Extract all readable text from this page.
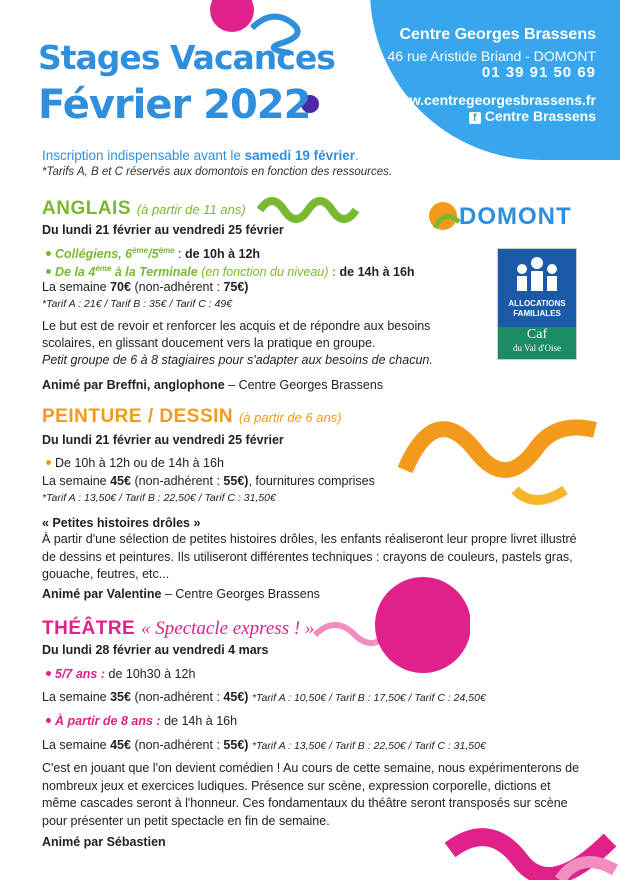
Stages Vacances
Février 2022
Centre Georges Brassens
46 rue Aristide Briand - DOMONT
01 39 91 50 69
www.centregeorgesbrassens.fr
f Centre Brassens
Inscription indispensable avant le samedi 19 février.
*Tarifs A, B et C réservés aux domontois en fonction des ressources.
DOMONT
ALLOCATIONS
FAMILIALES
Caf
du Val d'Oise
ANGLAIS (à partir de 11 ans)
Du lundi 21 février au vendredi 25 février
Collégiens, 6ème/5ème : de 10h à 12h
De la 4ème à la Terminale (en fonction du niveau) : de 14h à 16h
La semaine 70€ (non-adhérent : 75€)
*Tarif A : 21€ / Tarif B : 35€ / Tarif C : 49€
Le but est de revoir et renforcer les acquis et de répondre aux besoins scolaires, en glissant doucement vers la pratique en groupe.
Petit groupe de 6 à 8 stagiaires pour s'adapter aux besoins de chacun.
Animé par Breffni, anglophone – Centre Georges Brassens
PEINTURE / DESSIN (à partir de 6 ans)
Du lundi 21 février au vendredi 25 février
De 10h à 12h ou de 14h à 16h
La semaine 45€ (non-adhérent : 55€), fournitures comprises
*Tarif A : 13,50€ / Tarif B : 22,50€ / Tarif C : 31,50€
« Petites histoires drôles »
À partir d'une sélection de petites histoires drôles, les enfants réaliseront leur propre livret illustré de dessins et peintures. Ils utiliseront différentes techniques : crayons de couleurs, pastels gras, gouache, feutres, etc...
Animé par Valentine – Centre Georges Brassens
THÉÂTRE « Spectacle express ! »
Du lundi 28 février au vendredi 4 mars
5/7 ans : de 10h30 à 12h
La semaine 35€ (non-adhérent : 45€) *Tarif A : 10,50€ / Tarif B : 17,50€ / Tarif C : 24,50€
À partir de 8 ans : de 14h à 16h
La semaine 45€ (non-adhérent : 55€) *Tarif A : 13,50€ / Tarif B : 22,50€ / Tarif C : 31,50€
C'est en jouant que l'on devient comédien ! Au cours de cette semaine, nous expérimenterons de nombreux jeux et exercices ludiques. Présence sur scène, expression corporelle, dictions et même cascades seront à l'honneur. Ces fondamentaux du théâtre seront transposés sur scène pour présenter un petit spectacle en fin de semaine.
Animé par Sébastien
